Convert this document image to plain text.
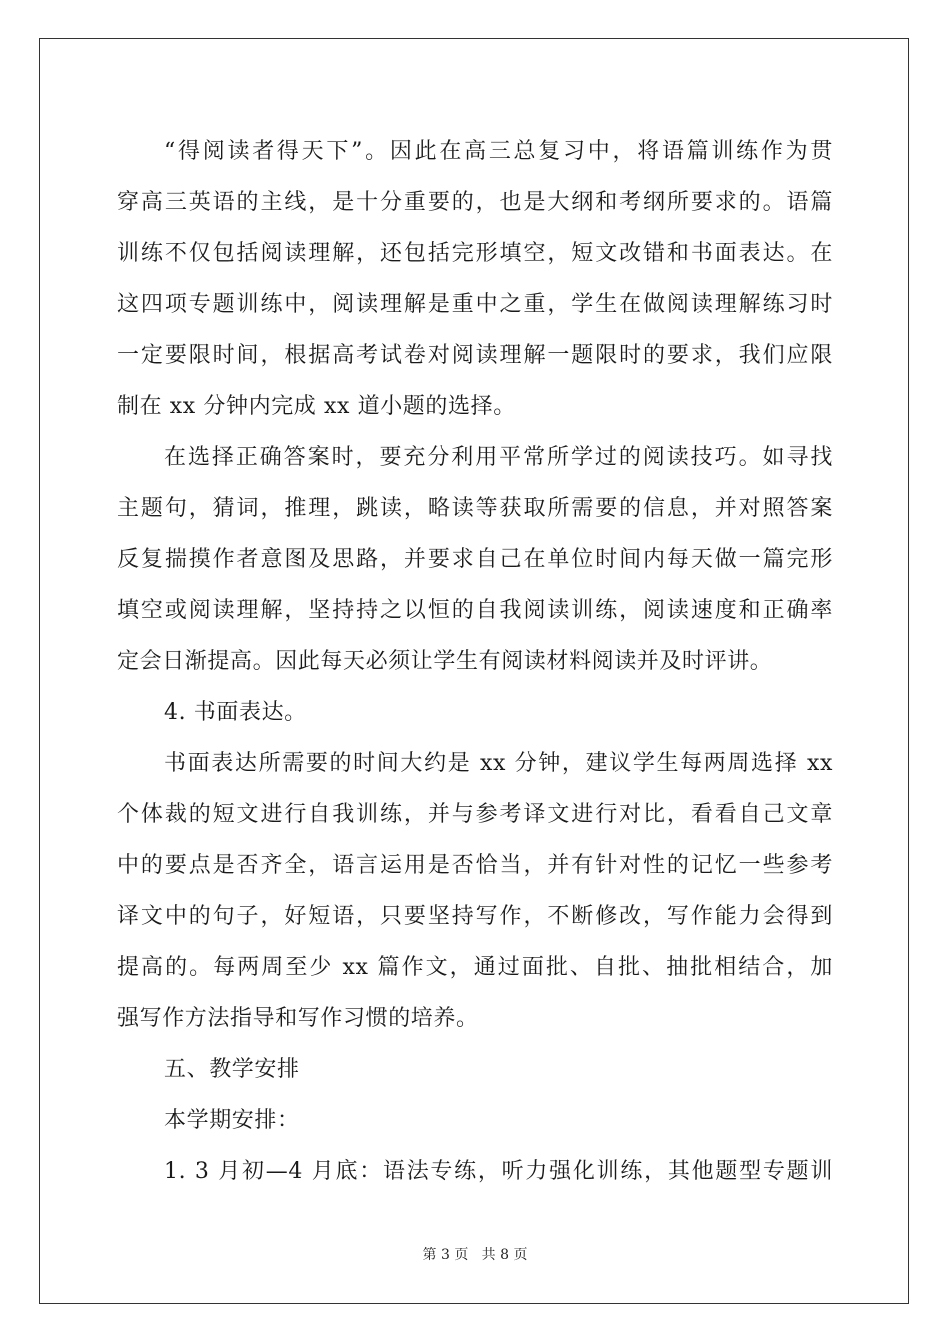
“得阅读者得天下”。因此在高三总复习中，将语篇训练作为贯
穿高三英语的主线，是十分重要的，也是大纲和考纲所要求的。语篇
训练不仅包括阅读理解，还包括完形填空，短文改错和书面表达。在
这四项专题训练中，阅读理解是重中之重，学生在做阅读理解练习时
一定要限时间，根据高考试卷对阅读理解一题限时的要求，我们应限
制在 xx 分钟内完成 xx 道小题的选择。
在选择正确答案时，要充分利用平常所学过的阅读技巧。如寻找
主题句，猜词，推理，跳读，略读等获取所需要的信息，并对照答案
反复揣摸作者意图及思路，并要求自己在单位时间内每天做一篇完形
填空或阅读理解，坚持持之以恒的自我阅读训练，阅读速度和正确率
定会日渐提高。因此每天必须让学生有阅读材料阅读并及时评讲。
4. 书面表达。
书面表达所需要的时间大约是 xx 分钟，建议学生每两周选择 xx
个体裁的短文进行自我训练，并与参考译文进行对比，看看自己文章
中的要点是否齐全，语言运用是否恰当，并有针对性的记忆一些参考
译文中的句子，好短语，只要坚持写作，不断修改，写作能力会得到
提高的。每两周至少 xx 篇作文，通过面批、自批、抽批相结合，加
强写作方法指导和写作习惯的培养。
五、教学安排
本学期安排：
1. 3 月初—4 月底：语法专练，听力强化训练，其他题型专题训
第 3 页   共 8 页
